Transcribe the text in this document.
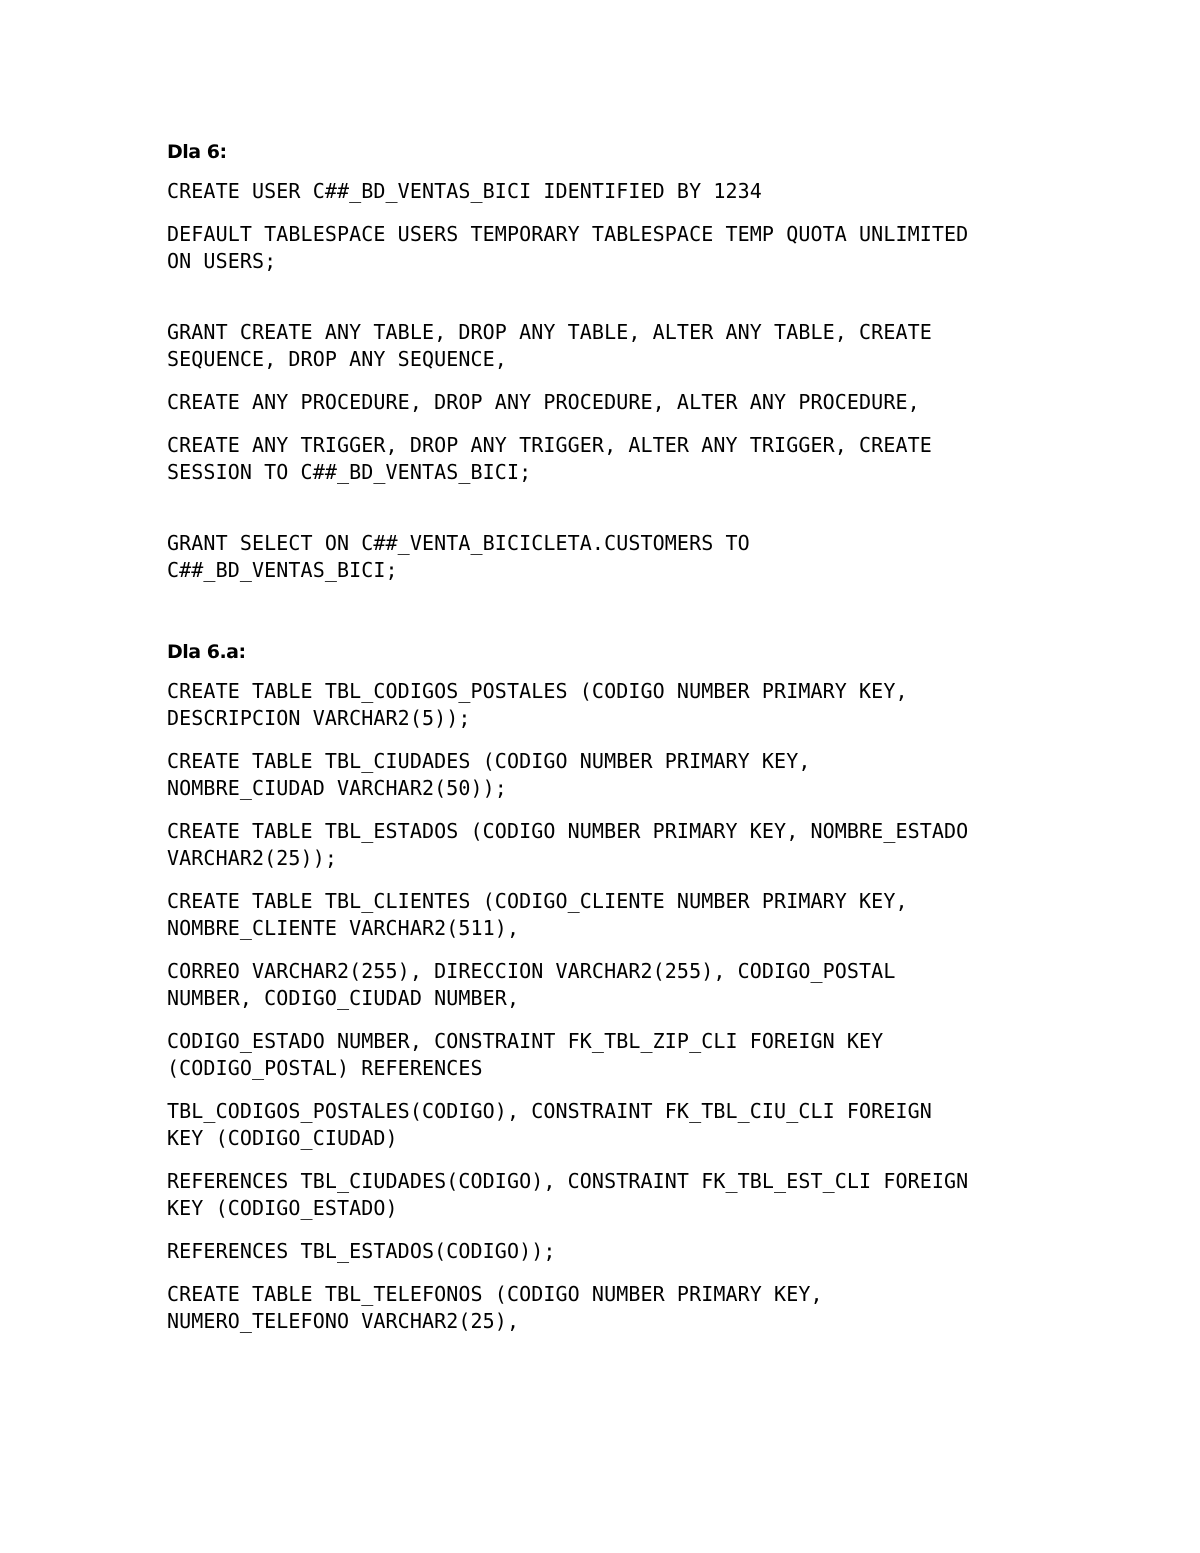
Dla 6:
CREATE USER C##_BD_VENTAS_BICI IDENTIFIED BY 1234
DEFAULT TABLESPACE USERS TEMPORARY TABLESPACE TEMP QUOTA UNLIMITED
ON USERS;
GRANT CREATE ANY TABLE, DROP ANY TABLE, ALTER ANY TABLE, CREATE
SEQUENCE, DROP ANY SEQUENCE,
CREATE ANY PROCEDURE, DROP ANY PROCEDURE, ALTER ANY PROCEDURE,
CREATE ANY TRIGGER, DROP ANY TRIGGER, ALTER ANY TRIGGER, CREATE
SESSION TO C##_BD_VENTAS_BICI;
GRANT SELECT ON C##_VENTA_BICICLETA.CUSTOMERS TO
C##_BD_VENTAS_BICI;
Dla 6.a:
CREATE TABLE TBL_CODIGOS_POSTALES (CODIGO NUMBER PRIMARY KEY,
DESCRIPCION VARCHAR2(5));
CREATE TABLE TBL_CIUDADES (CODIGO NUMBER PRIMARY KEY,
NOMBRE_CIUDAD VARCHAR2(50));
CREATE TABLE TBL_ESTADOS (CODIGO NUMBER PRIMARY KEY, NOMBRE_ESTADO
VARCHAR2(25));
CREATE TABLE TBL_CLIENTES (CODIGO_CLIENTE NUMBER PRIMARY KEY,
NOMBRE_CLIENTE VARCHAR2(511),
CORREO VARCHAR2(255), DIRECCION VARCHAR2(255), CODIGO_POSTAL
NUMBER, CODIGO_CIUDAD NUMBER,
CODIGO_ESTADO NUMBER, CONSTRAINT FK_TBL_ZIP_CLI FOREIGN KEY
(CODIGO_POSTAL) REFERENCES
TBL_CODIGOS_POSTALES(CODIGO), CONSTRAINT FK_TBL_CIU_CLI FOREIGN
KEY (CODIGO_CIUDAD)
REFERENCES TBL_CIUDADES(CODIGO), CONSTRAINT FK_TBL_EST_CLI FOREIGN
KEY (CODIGO_ESTADO)
REFERENCES TBL_ESTADOS(CODIGO));
CREATE TABLE TBL_TELEFONOS (CODIGO NUMBER PRIMARY KEY,
NUMERO_TELEFONO VARCHAR2(25),
